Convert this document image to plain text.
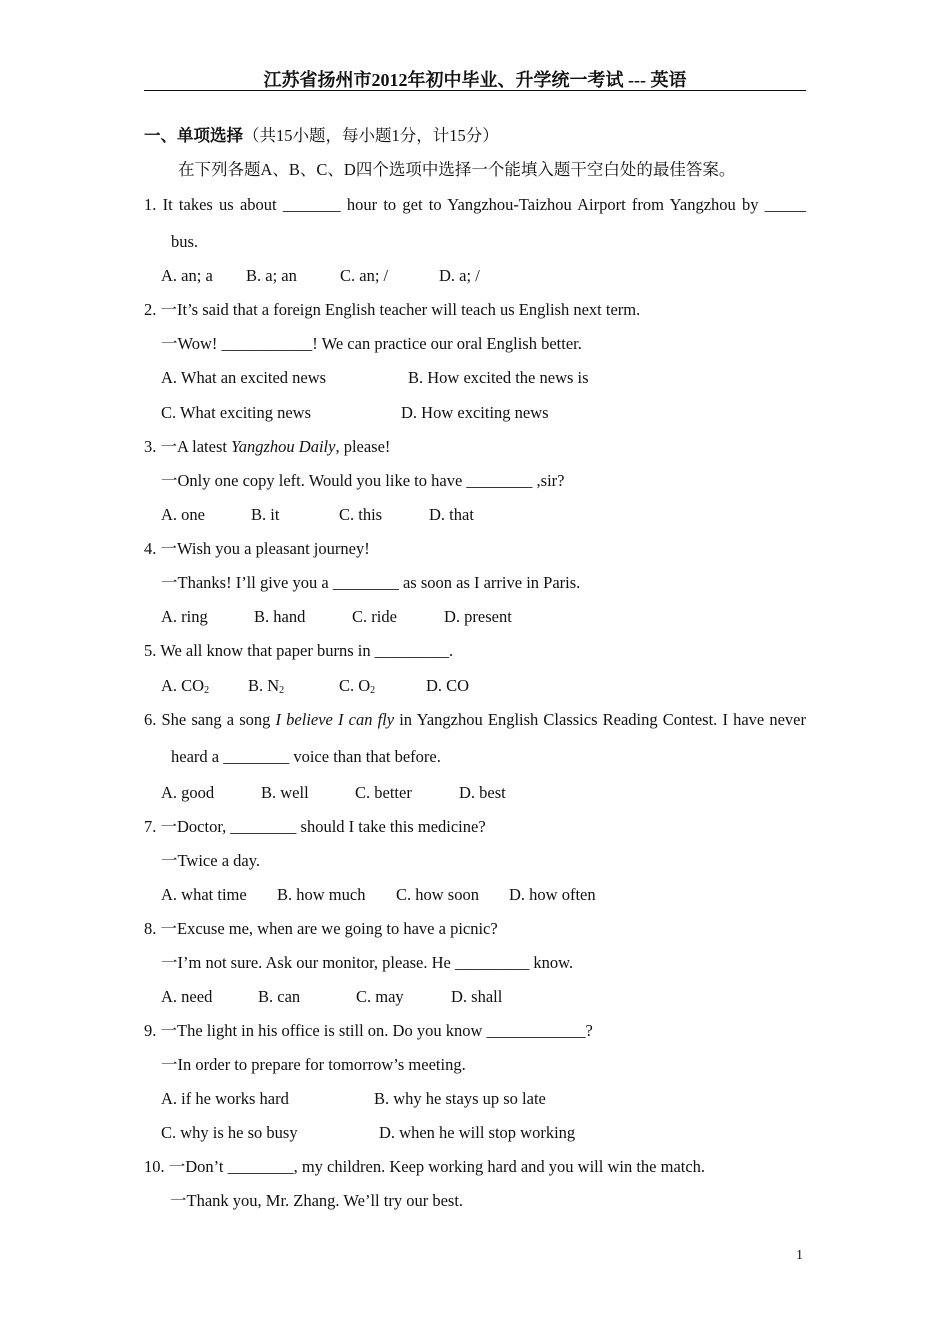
江苏省扬州市2012年初中毕业、升学统一考试 --- 英语
一、单项选择（共15小题，每小题1分，计15分）
在下列各题A、B、C、D四个选项中选择一个能填入题干空白处的最佳答案。
1. It takes us about _______ hour to get to Yangzhou-Taizhou Airport from Yangzhou by _____
bus.
A. an; a B. a; an	C. an; /	D. a; /
2. 一It’s said that a foreign English teacher will teach us English next term.
一Wow! ___________! We can practice our oral English better.
A. What an excited news	B. How excited the news is
C. What exciting news	D. How exciting news
3. 一A latest Yangzhou Daily, please!
一Only one copy left. Would you like to have ________ ,sir?
A. one	B. it	C. this	D. that
4. 一Wish you a pleasant journey!
一Thanks! I’ll give you a ________ as soon as I arrive in Paris.
A. ring	B. hand	C. ride	D. present
5. We all know that paper burns in _________.
A. $CO_2$ B. $N_2$	C. $O_2$	D. CO
6. She sang a song I believe I can fly in Yangzhou English Classics Reading Contest. I have never
heard a ________ voice than that before.
A. good	B. well	C. better	D. best
7. 一Doctor, ________ should I take this medicine?
一Twice a day.
A. what time B. how much C. how soon D. how often
8. 一Excuse me, when are we going to have a picnic?
一I’m not sure. Ask our monitor, please. He _________ know.
A. need	B. can	C. may	D. shall
9. 一The light in his office is still on. Do you know ____________?
一In order to prepare for tomorrow’s meeting.
A. if he works hard	B. why he stays up so late
C. why is he so busy	D. when he will stop working
10. 一Don’t ________, my children. Keep working hard and you will win the match.
一Thank you, Mr. Zhang. We’ll try our best.
1
